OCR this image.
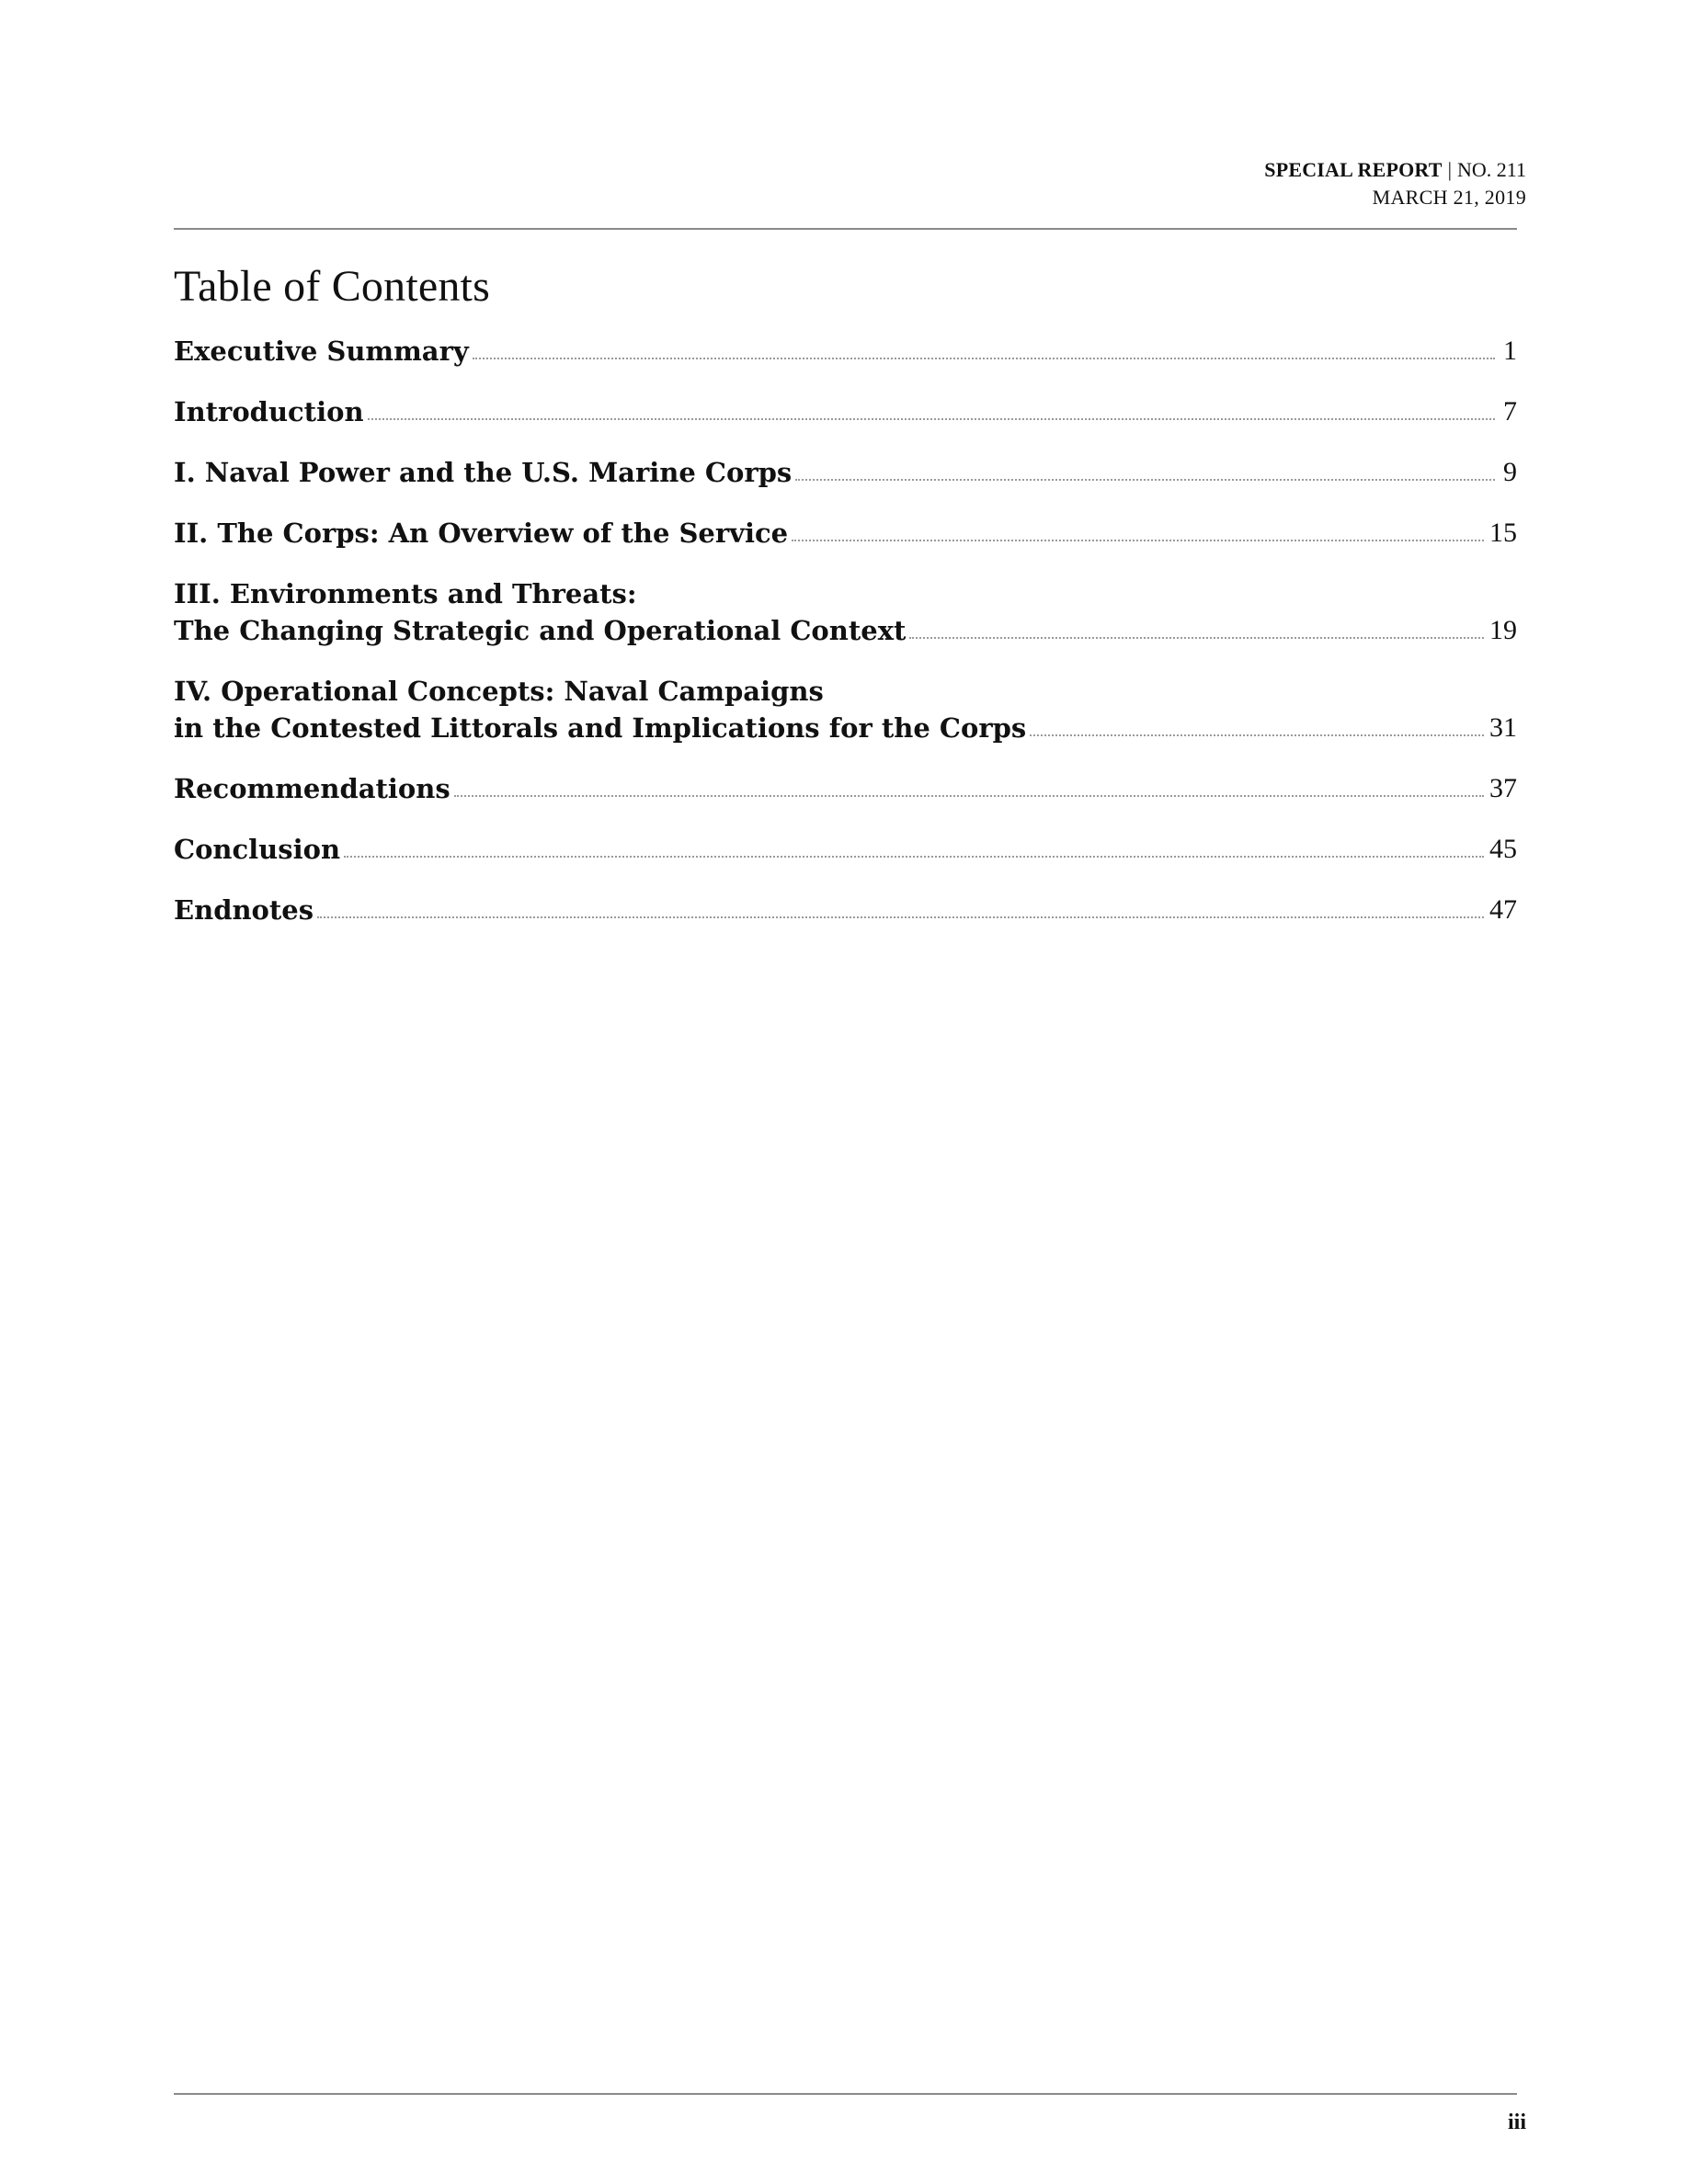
SPECIAL REPORT | NO. 211
MARCH 21, 2019
Table of Contents
Executive Summary	1
Introduction	7
I. Naval Power and the U.S. Marine Corps	9
II. The Corps: An Overview of the Service	15
III. Environments and Threats:
The Changing Strategic and Operational Context	19
IV. Operational Concepts: Naval Campaigns
in the Contested Littorals and Implications for the Corps	31
Recommendations	37
Conclusion	45
Endnotes	47
iii
